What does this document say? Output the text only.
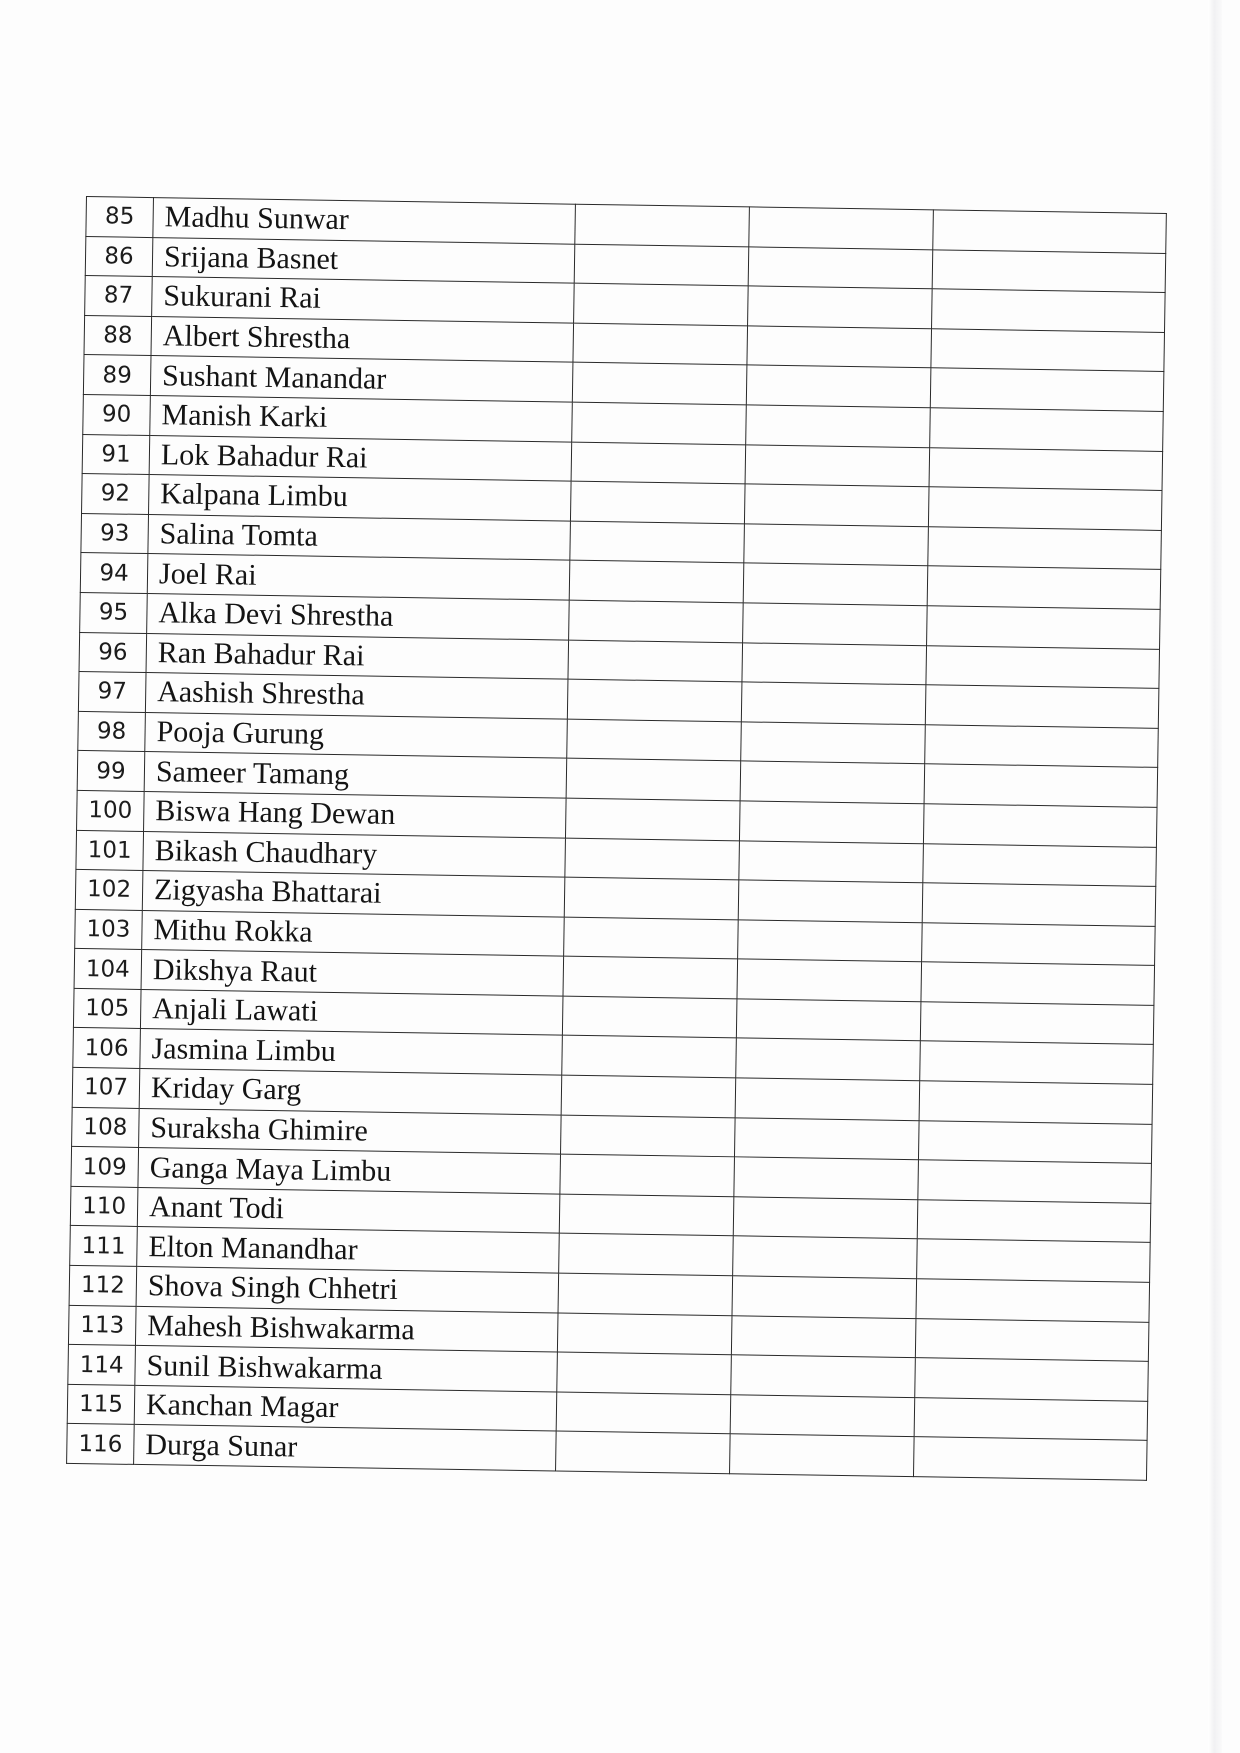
85	Madhu Sunwar			
86	Srijana Basnet			
87	Sukurani Rai			
88	Albert Shrestha			
89	Sushant Manandar			
90	Manish Karki			
91	Lok Bahadur Rai			
92	Kalpana Limbu			
93	Salina Tomta			
94	Joel Rai			
95	Alka Devi Shrestha			
96	Ran Bahadur Rai			
97	Aashish Shrestha			
98	Pooja Gurung			
99	Sameer Tamang			
100	Biswa Hang Dewan			
101	Bikash Chaudhary			
102	Zigyasha Bhattarai			
103	Mithu Rokka			
104	Dikshya Raut			
105	Anjali Lawati			
106	Jasmina Limbu			
107	Kriday Garg			
108	Suraksha Ghimire			
109	Ganga Maya Limbu			
110	Anant Todi			
111	Elton Manandhar			
112	Shova Singh Chhetri			
113	Mahesh Bishwakarma			
114	Sunil Bishwakarma			
115	Kanchan Magar			
116	Durga Sunar			
